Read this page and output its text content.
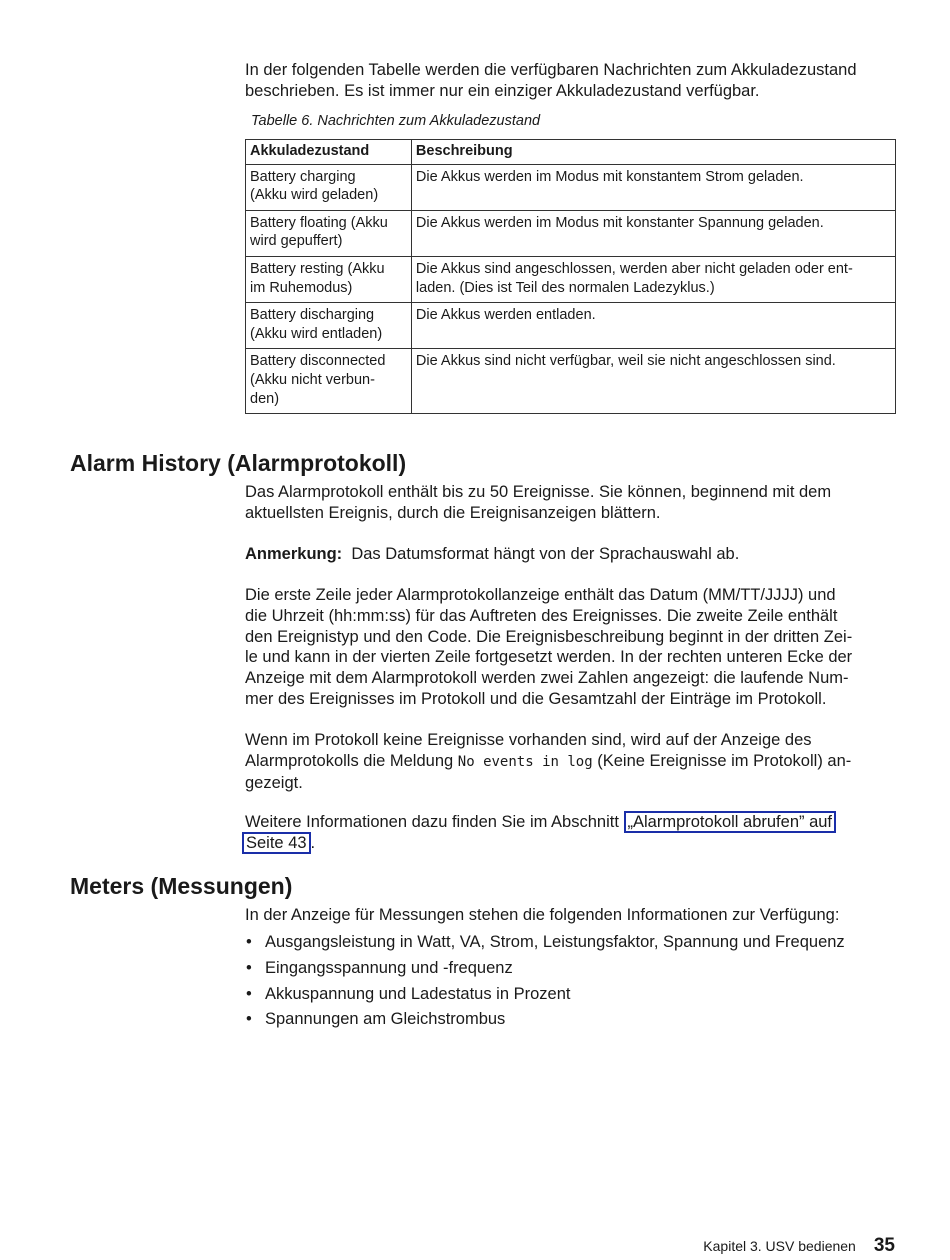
In der folgenden Tabelle werden die verfügbaren Nachrichten zum Akkuladezustand
beschrieben. Es ist immer nur ein einziger Akkuladezustand verfügbar.

Tabelle 6. Nachrichten zum Akkuladezustand

Akkuladezustand	Beschreibung
Battery charging
(Akku wird geladen)	Die Akkus werden im Modus mit konstantem Strom geladen.
Battery floating (Akku
wird gepuffert)	Die Akkus werden im Modus mit konstanter Spannung geladen.
Battery resting (Akku
im Ruhemodus)	Die Akkus sind angeschlossen, werden aber nicht geladen oder ent-
laden. (Dies ist Teil des normalen Ladezyklus.)
Battery discharging
(Akku wird entladen)	Die Akkus werden entladen.
Battery disconnected
(Akku nicht verbun-
den)	Die Akkus sind nicht verfügbar, weil sie nicht angeschlossen sind.
Alarm History (Alarmprotokoll)

Das Alarmprotokoll enthält bis zu 50 Ereignisse. Sie können, beginnend mit dem
aktuellsten Ereignis, durch die Ereignisanzeigen blättern.

Anmerkung: Das Datumsformat hängt von der Sprachauswahl ab.

Die erste Zeile jeder Alarmprotokollanzeige enthält das Datum (MM/TT/JJJJ) und
die Uhrzeit (hh:mm:ss) für das Auftreten des Ereignisses. Die zweite Zeile enthält
den Ereignistyp und den Code. Die Ereignisbeschreibung beginnt in der dritten Zei-
le und kann in der vierten Zeile fortgesetzt werden. In der rechten unteren Ecke der
Anzeige mit dem Alarmprotokoll werden zwei Zahlen angezeigt: die laufende Num-
mer des Ereignisses im Protokoll und die Gesamtzahl der Einträge im Protokoll.

Wenn im Protokoll keine Ereignisse vorhanden sind, wird auf der Anzeige des
Alarmprotokolls die Meldung No events in log (Keine Ereignisse im Protokoll) an-
gezeigt.

Weitere Informationen dazu finden Sie im Abschnitt „Alarmprotokoll abrufen” auf
Seite 43 .

Meters (Messungen)

In der Anzeige für Messungen stehen die folgenden Informationen zur Verfügung:

• Ausgangsleistung in Watt, VA, Strom, Leistungsfaktor, Spannung und Frequenz
• Eingangsspannung und -frequenz
• Akkuspannung und Ladestatus in Prozent
• Spannungen am Gleichstrombus
Kapitel 3. USV bedienen 35
